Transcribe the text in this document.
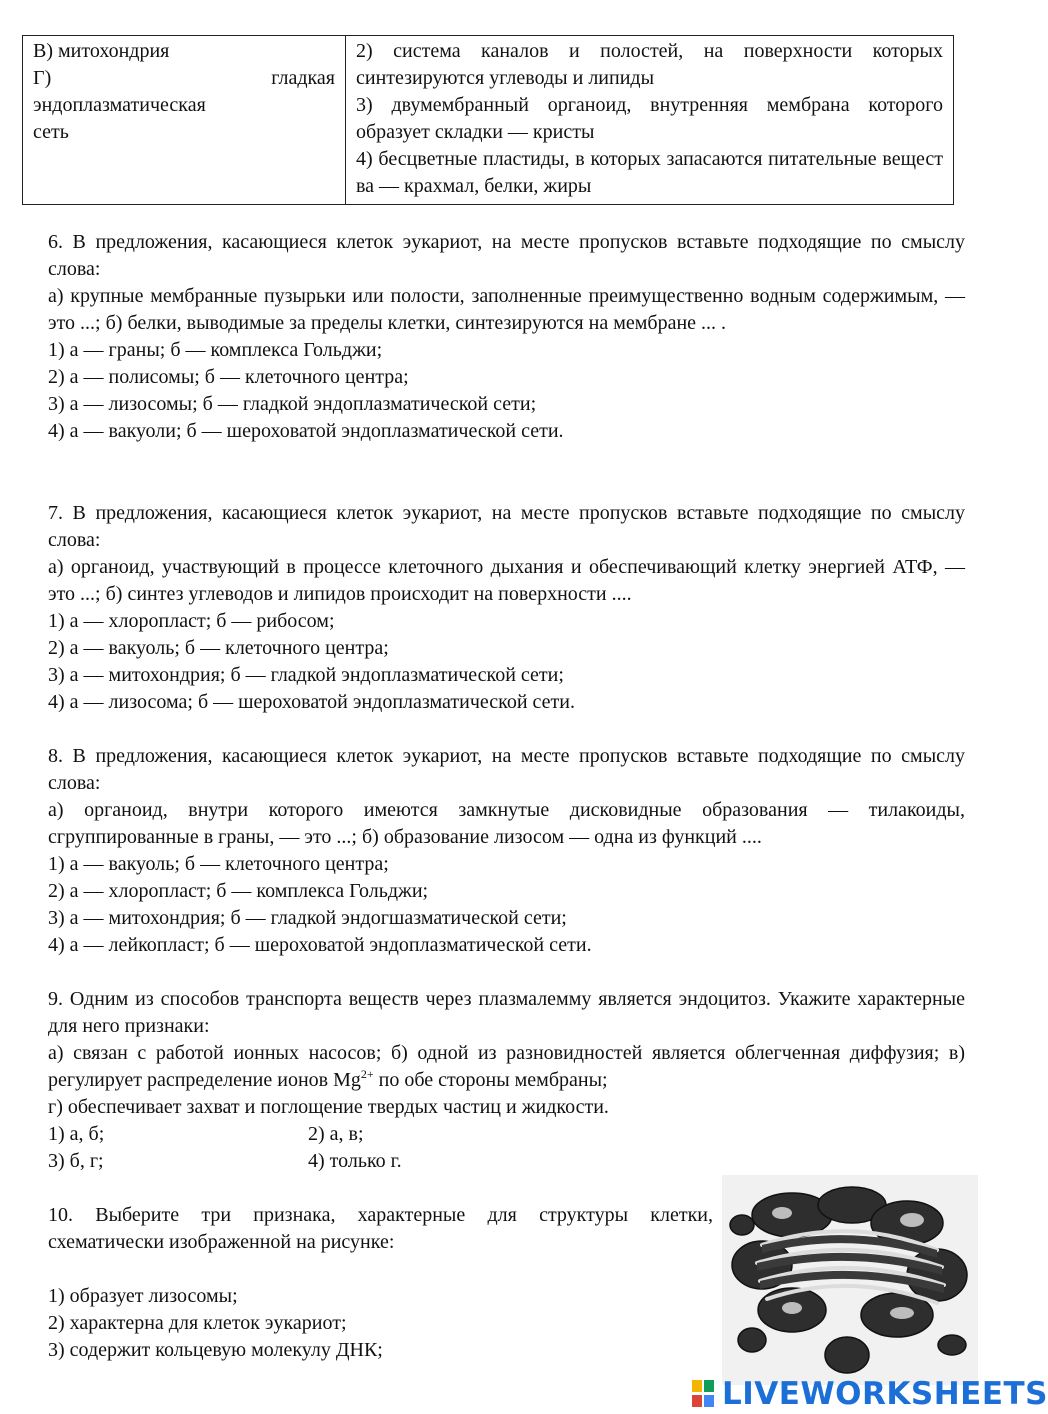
В) митохондрия
Г)	гладкая
эндоплазматическая
сеть

2) система каналов и полостей, на поверхности которых синтезируются углеводы и липиды
3) двумембранный органоид, внутренняя мембрана которого образует складки — кристы
4) бесцветные пластиды, в которых запасаются питательные вещест ва — крахмал, белки, жиры

6. В предложения, касающиеся клеток эукариот, на месте пропусков вставьте подходящие по смыслу слова:

а) крупные мембранные пузырьки или полости, заполненные преимущественно водным содержимым, — это ...; б) белки, выводимые за пределы клетки, синтезируются на мембране ... .

1) а — граны; б — комплекса Гольджи;
2) а — полисомы; б — клеточного центра;
3) а — лизосомы; б — гладкой эндоплазматической сети;
4) а — вакуоли; б — шероховатой эндоплазматической сети.

7. В предложения, касающиеся клеток эукариот, на месте пропусков вставьте подходящие по смыслу слова:

а) органоид, участвующий в процессе клеточного дыхания и обеспечивающий клетку энергией АТФ, — это ...; б) синтез углеводов и липидов происходит на поверхности ....

1) а — хлоропласт; б — рибосом;
2) а — вакуоль; б — клеточного центра;
3) а — митохондрия; б — гладкой эндоплазматической сети;
4) а — лизосома; б — шероховатой эндоплазматической сети.

8. В предложения, касающиеся клеток эукариот, на месте пропусков вставьте подходящие по смыслу слова:

а) органоид, внутри которого имеются замкнутые дисковидные образования — тилакоиды, сгруппированные в граны, — это ...; б) образование лизосом — одна из функций ....

1) а — вакуоль; б — клеточного центра;
2) а — хлоропласт; б — комплекса Гольджи;
3) а — митохондрия; б — гладкой эндогшазматической сети;
4) а — лейкопласт; б — шероховатой эндоплазматической сети.

9. Одним из способов транспорта веществ через плазмалемму является эндоцитоз. Укажите характерные для него признаки:

а) связан с работой ионных насосов; б) одной из разновидностей является облегченная диффузия; в) регулирует распределение ионов $Mg^{2+}$ по обе стороны мембраны;

г) обеспечивает захват и поглощение твердых частиц и жидкости.

1) а, б;	2) а, в;
3) б, г;	4) только г.

10. Выберите три признака, характерные для структуры клетки, схематически изображенной на рисунке:

1) образует лизосомы;
2) характерна для клеток эукариот;
3) содержит кольцевую молекулу ДНК;
LIVEWORKSHEETS
